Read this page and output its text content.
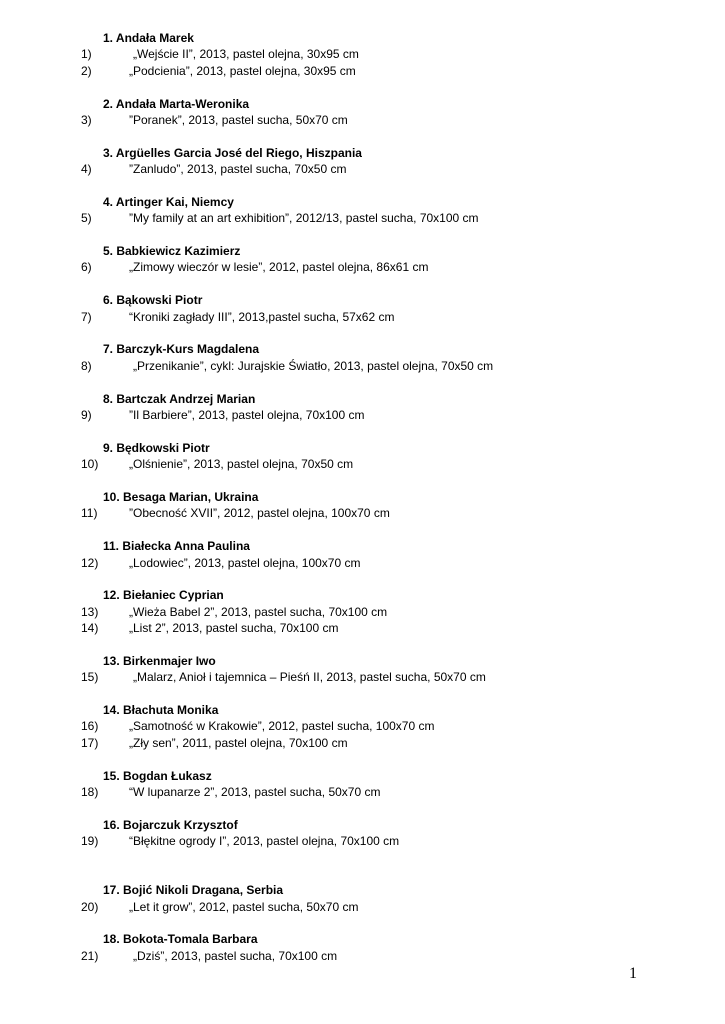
1. Andała Marek
1)	„Wejście II”, 2013, pastel olejna, 30x95 cm
2)	„Podcienia”, 2013, pastel olejna, 30x95 cm
2. Andała Marta-Weronika
3)	”Poranek”, 2013, pastel sucha, 50x70 cm
3. Argüelles Garcia José del Riego, Hiszpania
4)	”Zanludo”, 2013, pastel sucha, 70x50 cm
4. Artinger Kai, Niemcy
5)	”My family at an art exhibition”, 2012/13, pastel sucha, 70x100 cm
5. Babkiewicz Kazimierz
6)	„Zimowy wieczór w lesie”, 2012, pastel olejna, 86x61 cm
6. Bąkowski Piotr
7)	“Kroniki zagłady III”, 2013,pastel sucha, 57x62 cm
7. Barczyk-Kurs Magdalena
8)	„Przenikanie”, cykl: Jurajskie Światło, 2013, pastel olejna, 70x50 cm
8. Bartczak Andrzej Marian
9)	”Il Barbiere”, 2013, pastel olejna, 70x100 cm
9. Będkowski Piotr
10)	„Olśnienie”, 2013, pastel olejna, 70x50 cm
10. Besaga Marian, Ukraina
11)	”Obecność XVII”, 2012, pastel olejna, 100x70 cm
11. Białecka Anna Paulina
12)	„Lodowiec”, 2013, pastel olejna, 100x70 cm
12. Biełaniec Cyprian
13)	„Wieża Babel 2”, 2013, pastel sucha, 70x100 cm
14)	„List 2”, 2013, pastel sucha, 70x100 cm
13. Birkenmajer Iwo
15)	„Malarz, Anioł i tajemnica – Pieśń II, 2013, pastel sucha, 50x70 cm
14. Błachuta Monika
16)	„Samotność w Krakowie”, 2012, pastel sucha, 100x70 cm
17)	„Zły sen”, 2011, pastel olejna, 70x100 cm
15. Bogdan Łukasz
18)	“W lupanarze 2”, 2013, pastel sucha, 50x70 cm
16. Bojarczuk Krzysztof
19)	“Błękitne ogrody I”, 2013, pastel olejna, 70x100 cm
17. Bojić Nikoli Dragana, Serbia
20)	„Let it grow”, 2012, pastel sucha, 50x70 cm
18. Bokota-Tomala Barbara
21)	„Dziś”, 2013, pastel sucha, 70x100 cm
1
